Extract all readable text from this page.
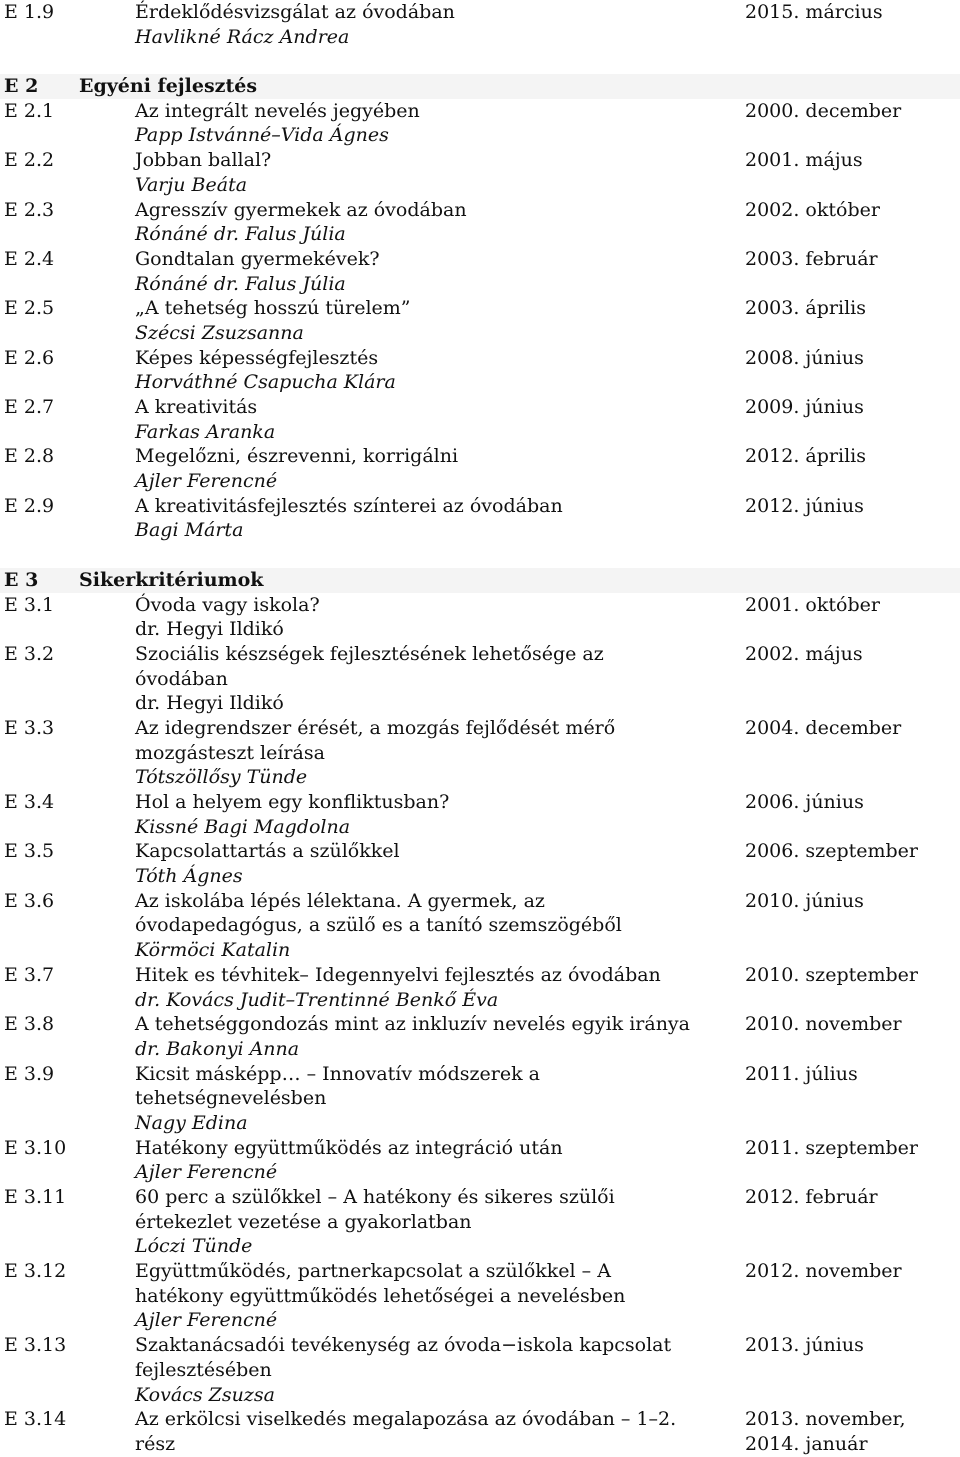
E 1.9	Érdeklődésvizsgálat az óvodában	2015. március
Havlikné Rácz Andrea
E 2 Egyéni fejlesztés
E 2.1	Az integrált nevelés jegyében	2000. december
Papp Istvánné–Vida Ágnes
E 2.2	Jobban ballal?	2001. május
Varju Beáta
E 2.3	Agresszív gyermekek az óvodában	2002. október
Rónáné dr. Falus Júlia
E 2.4	Gondtalan gyermekévek?	2003. február
Rónáné dr. Falus Júlia
E 2.5	„A tehetség hosszú türelem”	2003. április
Szécsi Zsuzsanna
E 2.6	Képes képességfejlesztés	2008. június
Horváthné Csapucha Klára
E 2.7	A kreativitás	2009. június
Farkas Aranka
E 2.8	Megelőzni, észrevenni, korrigálni	2012. április
Ajler Ferencné
E 2.9	A kreativitásfejlesztés színterei az óvodában	2012. június
Bagi Márta
E 3 Sikerkritériumok
E 3.1	Óvoda vagy iskola?	2001. október
dr. Hegyi Ildikó
E 3.2	Szociális készségek fejlesztésének lehetősége az	2002. május
óvodában
dr. Hegyi Ildikó
E 3.3	Az idegrendszer érését, a mozgás fejlődését mérő	2004. december
mozgásteszt leírása
Tótszöllősy Tünde
E 3.4	Hol a helyem egy konfliktusban?	2006. június
Kissné Bagi Magdolna
E 3.5	Kapcsolattartás a szülőkkel	2006. szeptember
Tóth Ágnes
E 3.6	Az iskolába lépés lélektana. A gyermek, az	2010. június
óvodapedagógus, a szülő es a tanító szemszögéből
Körmöci Katalin
E 3.7	Hitek es tévhitek– Idegennyelvi fejlesztés az óvodában	2010. szeptember
dr. Kovács Judit–Trentinné Benkő Éva
E 3.8	A tehetséggondozás mint az inkluzív nevelés egyik iránya	2010. november
dr. Bakonyi Anna
E 3.9	Kicsit másképp… – Innovatív módszerek a	2011. július
tehetségnevelésben
Nagy Edina
E 3.10	Hatékony együttműködés az integráció után	2011. szeptember
Ajler Ferencné
E 3.11	60 perc a szülőkkel – A hatékony és sikeres szülői	2012. február
értekezlet vezetése a gyakorlatban
Lóczi Tünde
E 3.12	Együttműködés, partnerkapcsolat a szülőkkel – A	2012. november
hatékony együttműködés lehetőségei a nevelésben
Ajler Ferencné
E 3.13	Szaktanácsadói tevékenység az óvoda−iskola kapcsolat	2013. június
fejlesztésében
Kovács Zsuzsa
E 3.14	Az erkölcsi viselkedés megalapozása az óvodában – 1–2.	2013. november,
rész	2014. január
